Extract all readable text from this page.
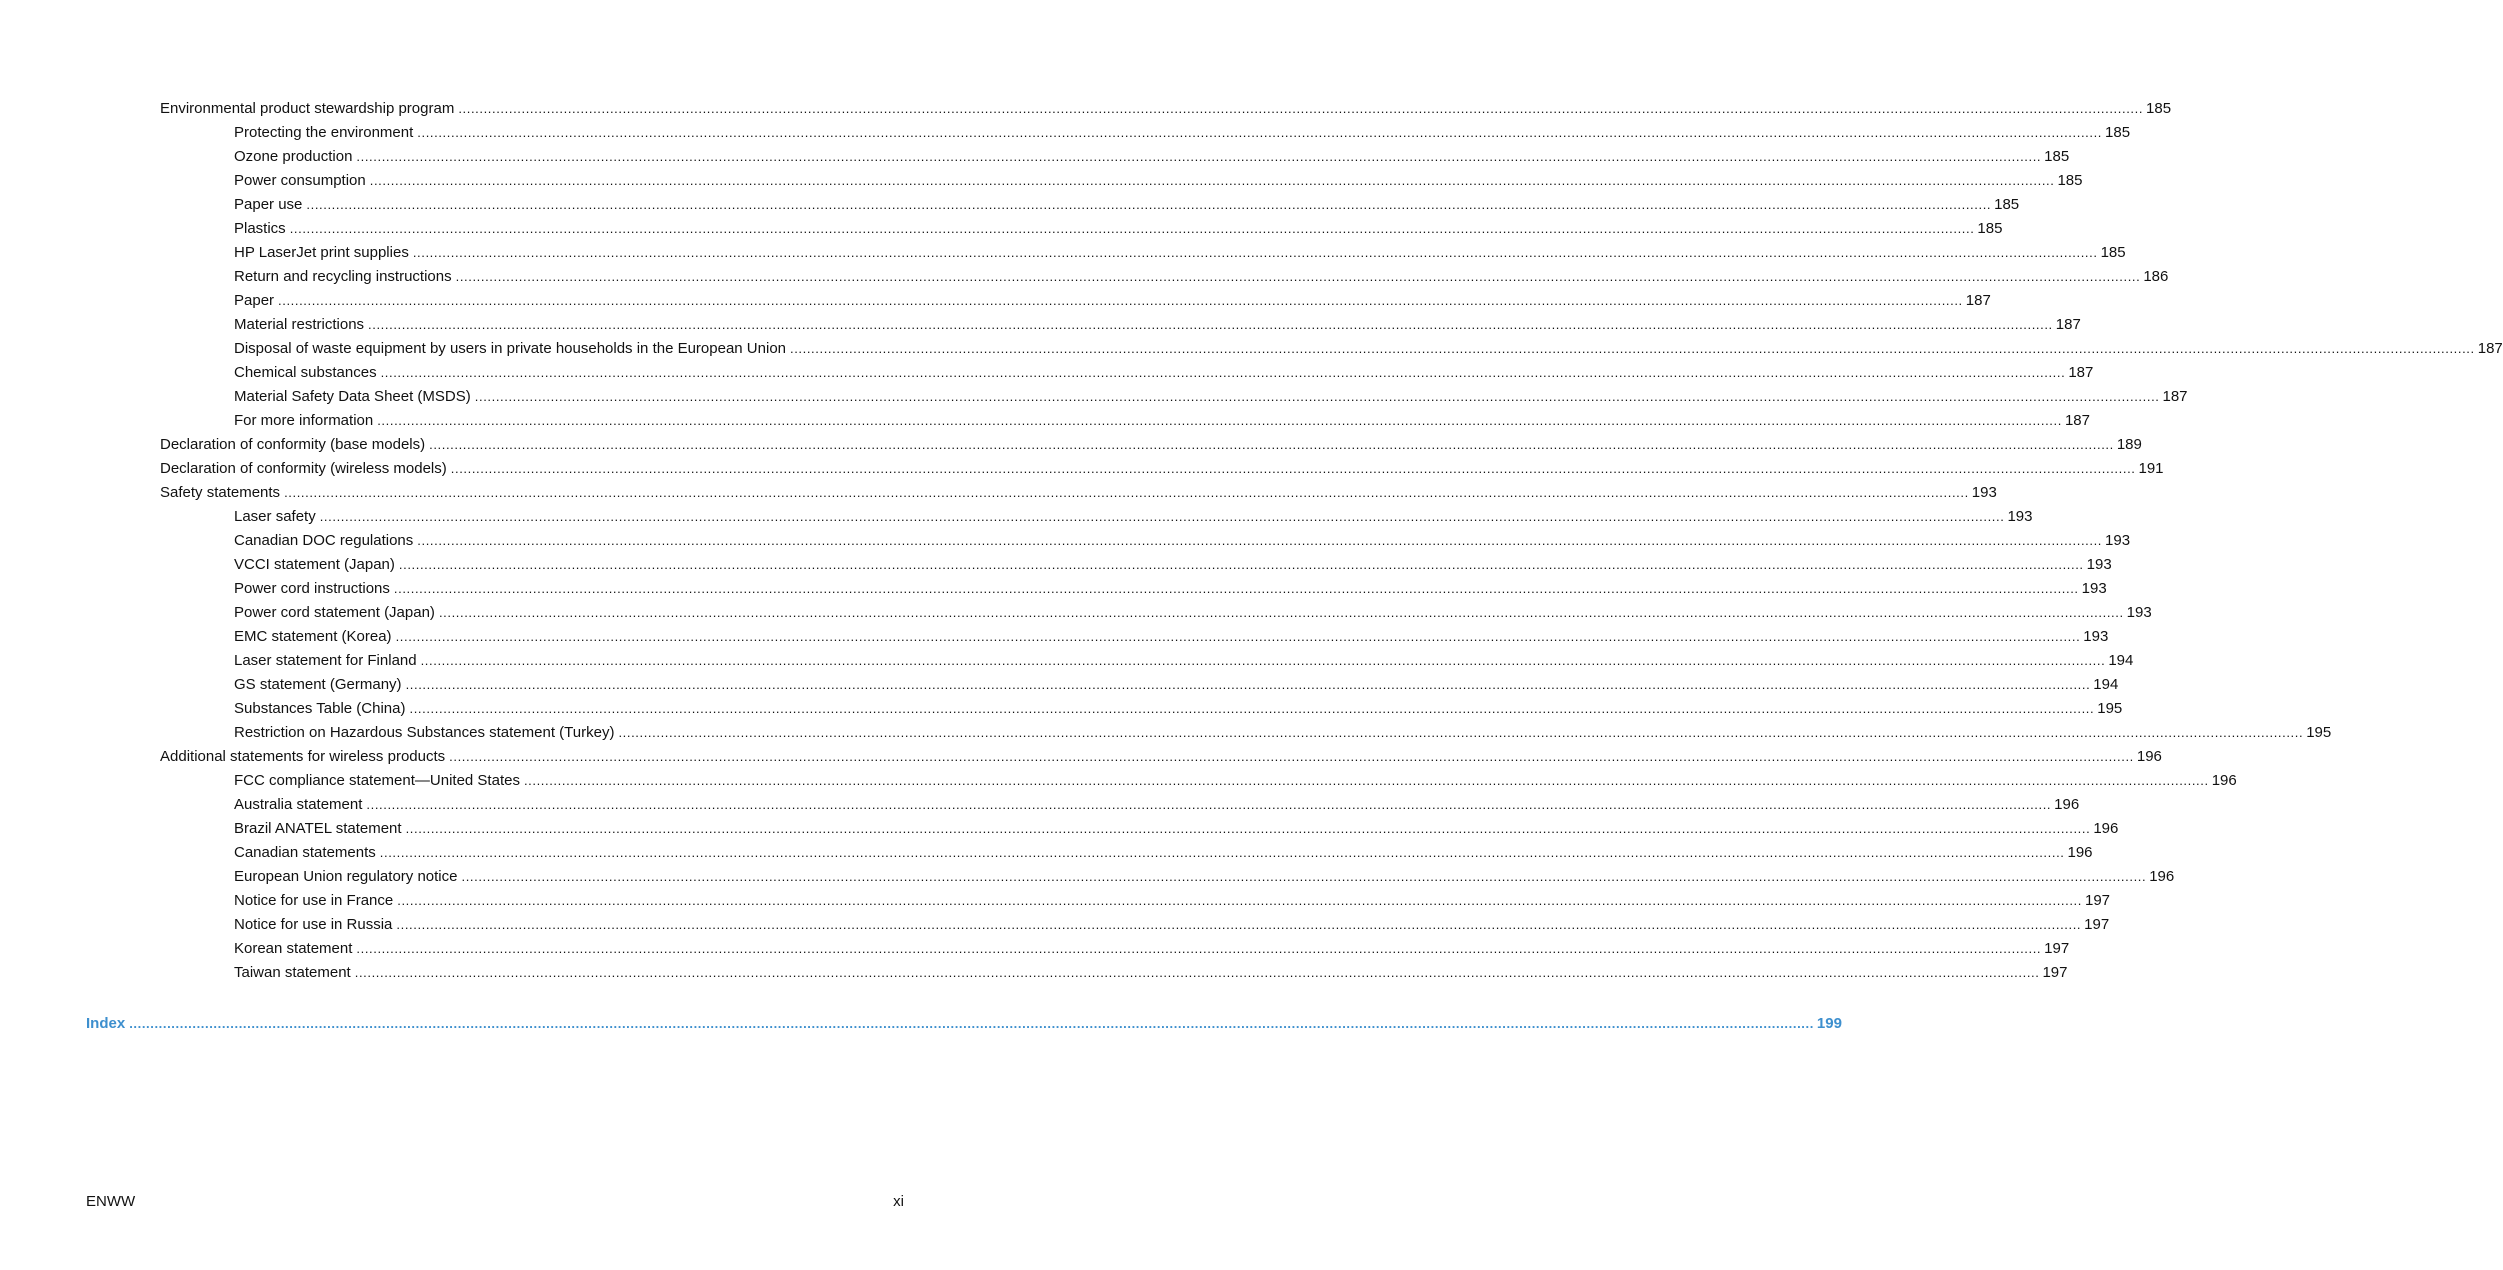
Environmental product stewardship program ................................................................................................................................................................................................................................................................................................................................................................................................................ 185
Protecting the environment ................................................................................................................................................................................................................................................................................................................................................................................................................ 185
Ozone production ................................................................................................................................................................................................................................................................................................................................................................................................................ 185
Power consumption ................................................................................................................................................................................................................................................................................................................................................................................................................ 185
Paper use ................................................................................................................................................................................................................................................................................................................................................................................................................ 185
Plastics ................................................................................................................................................................................................................................................................................................................................................................................................................ 185
HP LaserJet print supplies ................................................................................................................................................................................................................................................................................................................................................................................................................ 185
Return and recycling instructions ................................................................................................................................................................................................................................................................................................................................................................................................................ 186
Paper ................................................................................................................................................................................................................................................................................................................................................................................................................ 187
Material restrictions ................................................................................................................................................................................................................................................................................................................................................................................................................ 187
Disposal of waste equipment by users in private households in the European Union ................................................................................................................................................................................................................................................................................................................................................................................................................ 187
Chemical substances ................................................................................................................................................................................................................................................................................................................................................................................................................ 187
Material Safety Data Sheet (MSDS) ................................................................................................................................................................................................................................................................................................................................................................................................................ 187
For more information ................................................................................................................................................................................................................................................................................................................................................................................................................ 187
Declaration of conformity (base models) ................................................................................................................................................................................................................................................................................................................................................................................................................ 189
Declaration of conformity (wireless models) ................................................................................................................................................................................................................................................................................................................................................................................................................ 191
Safety statements ................................................................................................................................................................................................................................................................................................................................................................................................................ 193
Laser safety ................................................................................................................................................................................................................................................................................................................................................................................................................ 193
Canadian DOC regulations ................................................................................................................................................................................................................................................................................................................................................................................................................ 193
VCCI statement (Japan) ................................................................................................................................................................................................................................................................................................................................................................................................................ 193
Power cord instructions ................................................................................................................................................................................................................................................................................................................................................................................................................ 193
Power cord statement (Japan) ................................................................................................................................................................................................................................................................................................................................................................................................................ 193
EMC statement (Korea) ................................................................................................................................................................................................................................................................................................................................................................................................................ 193
Laser statement for Finland ................................................................................................................................................................................................................................................................................................................................................................................................................ 194
GS statement (Germany) ................................................................................................................................................................................................................................................................................................................................................................................................................ 194
Substances Table (China) ................................................................................................................................................................................................................................................................................................................................................................................................................ 195
Restriction on Hazardous Substances statement (Turkey) ................................................................................................................................................................................................................................................................................................................................................................................................................ 195
Additional statements for wireless products ................................................................................................................................................................................................................................................................................................................................................................................................................ 196
FCC compliance statement—United States ................................................................................................................................................................................................................................................................................................................................................................................................................ 196
Australia statement ................................................................................................................................................................................................................................................................................................................................................................................................................ 196
Brazil ANATEL statement ................................................................................................................................................................................................................................................................................................................................................................................................................ 196
Canadian statements ................................................................................................................................................................................................................................................................................................................................................................................................................ 196
European Union regulatory notice ................................................................................................................................................................................................................................................................................................................................................................................................................ 196
Notice for use in France ................................................................................................................................................................................................................................................................................................................................................................................................................ 197
Notice for use in Russia ................................................................................................................................................................................................................................................................................................................................................................................................................ 197
Korean statement ................................................................................................................................................................................................................................................................................................................................................................................................................ 197
Taiwan statement ................................................................................................................................................................................................................................................................................................................................................................................................................ 197
Index ................................................................................................................................................................................................................................................................................................................................................................................................................ 199
ENWW	xi
